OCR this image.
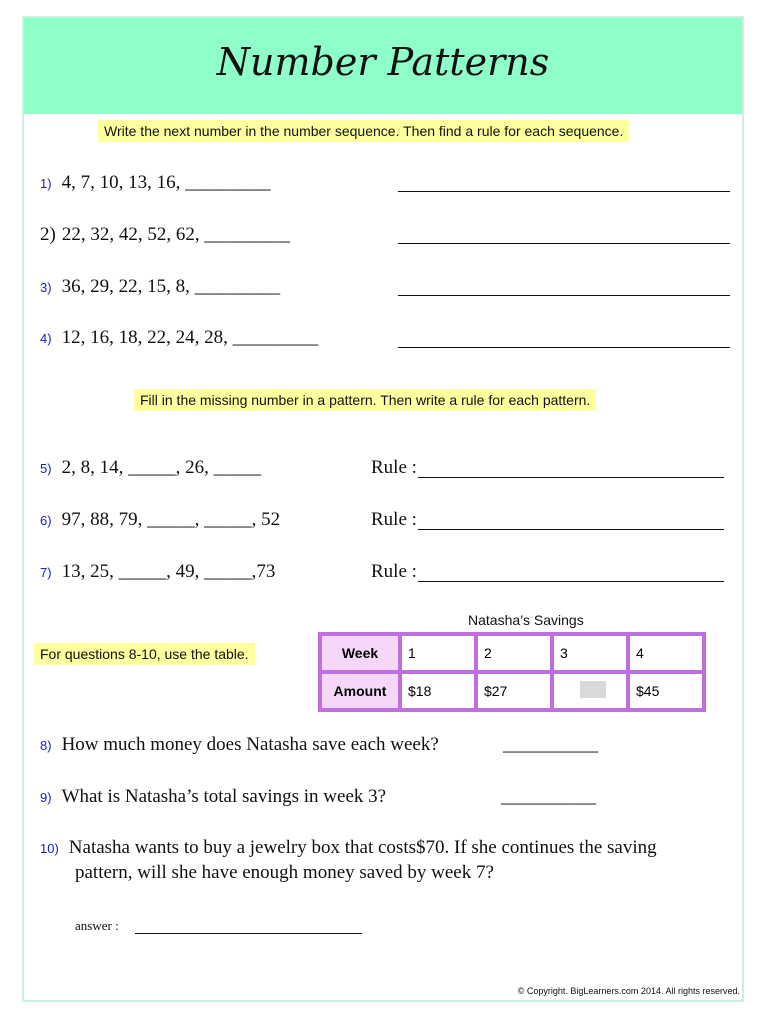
Number Patterns
Write the next number in the number sequence. Then find a rule for each sequence.
1) 4, 7, 10, 13, 16, _________
2) 22, 32, 42, 52, 62, _________
3) 36, 29, 22, 15, 8, _________
4) 12, 16, 18, 22, 24, 28, _________
Fill in the missing number in a pattern. Then write a rule for each pattern.
5) 2, 8, 14, _____, 26, _____	Rule :
6) 97, 88, 79, _____, _____, 52	Rule :
7) 13, 25, _____, 49, _____,73	Rule :
Natasha’s Savings
For questions 8-10, use the table.	Week	1	2	3	4
Amount	$18	$27		$45
8) How much money does Natasha save each week?	__________
9) What is Natasha’s total savings in week 3?	__________
10) Natasha wants to buy a jewelry box that costs$70. If she continues the saving
pattern, will she have enough money saved by week 7?
answer :
© Copyright. BigLearners.com 2014. All rights reserved.
